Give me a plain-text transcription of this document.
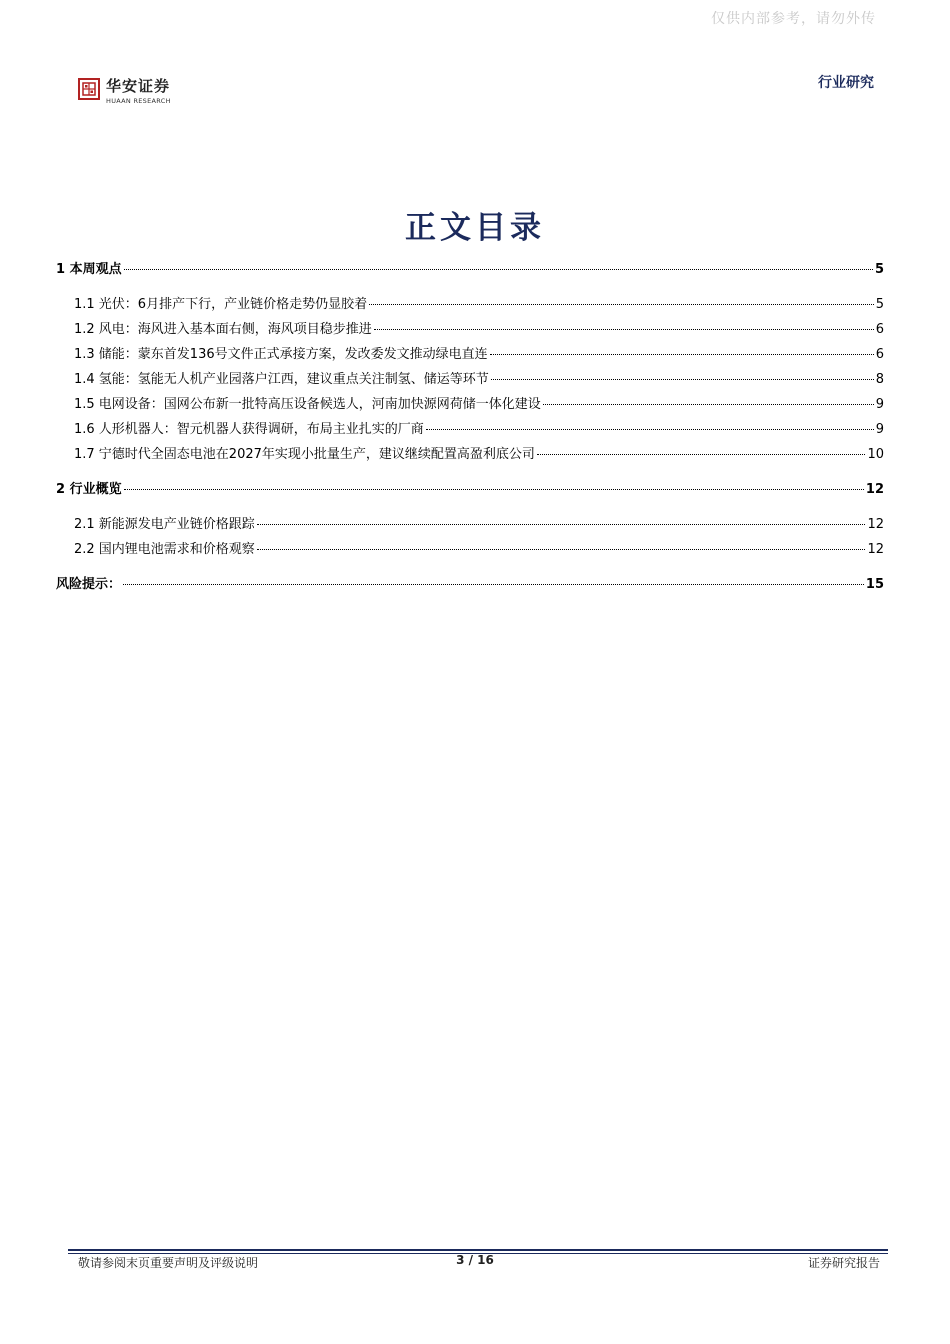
仅供内部参考，请勿外传
华安证券
HUAAN RESEARCH
行业研究
正文目录
1 本周观点	5
1.1 光伏：6月排产下行，产业链价格走势仍显胶着	5
1.2 风电：海风进入基本面右侧，海风项目稳步推进	6
1.3 储能：蒙东首发136号文件正式承接方案，发改委发文推动绿电直连	6
1.4 氢能：氢能无人机产业园落户江西，建议重点关注制氢、储运等环节	8
1.5 电网设备：国网公布新一批特高压设备候选人，河南加快源网荷储一体化建设	9
1.6 人形机器人：智元机器人获得调研，布局主业扎实的厂商	9
1.7 宁德时代全固态电池在2027年实现小批量生产，建议继续配置高盈利底公司	10
2 行业概览	12
2.1 新能源发电产业链价格跟踪	12
2.2 国内锂电池需求和价格观察	12
风险提示：	15
敬请参阅末页重要声明及评级说明	3 / 16	证券研究报告
